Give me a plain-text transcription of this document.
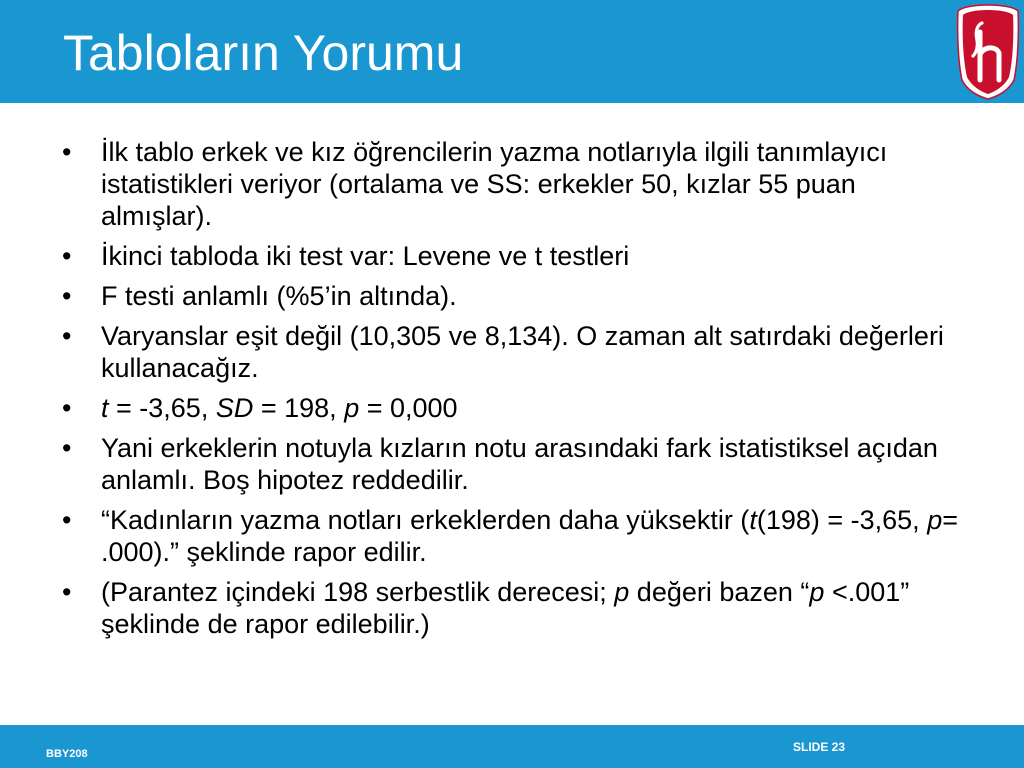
Tabloların Yorumu
• İlk tablo erkek ve kız öğrencilerin yazma notlarıyla ilgili tanımlayıcı istatistikleri veriyor (ortalama ve SS: erkekler 50, kızlar 55 puan almışlar).
• İkinci tabloda iki test var: Levene ve t testleri
• F testi anlamlı (%5’in altında).
• Varyanslar eşit değil (10,305 ve 8,134). O zaman alt satırdaki değerleri kullanacağız.
• t = -3,65, SD = 198, p = 0,000
• Yani erkeklerin notuyla kızların notu arasındaki fark istatistiksel açıdan anlamlı. Boş hipotez reddedilir.
• “Kadınların yazma notları erkeklerden daha yüksektir (t(198) = -3,65, p= .000).” şeklinde rapor edilir.
• (Parantez içindeki 198 serbestlik derecesi; p değeri bazen “p <.001” şeklinde de rapor edilebilir.)
BBY208	SLIDE 23
